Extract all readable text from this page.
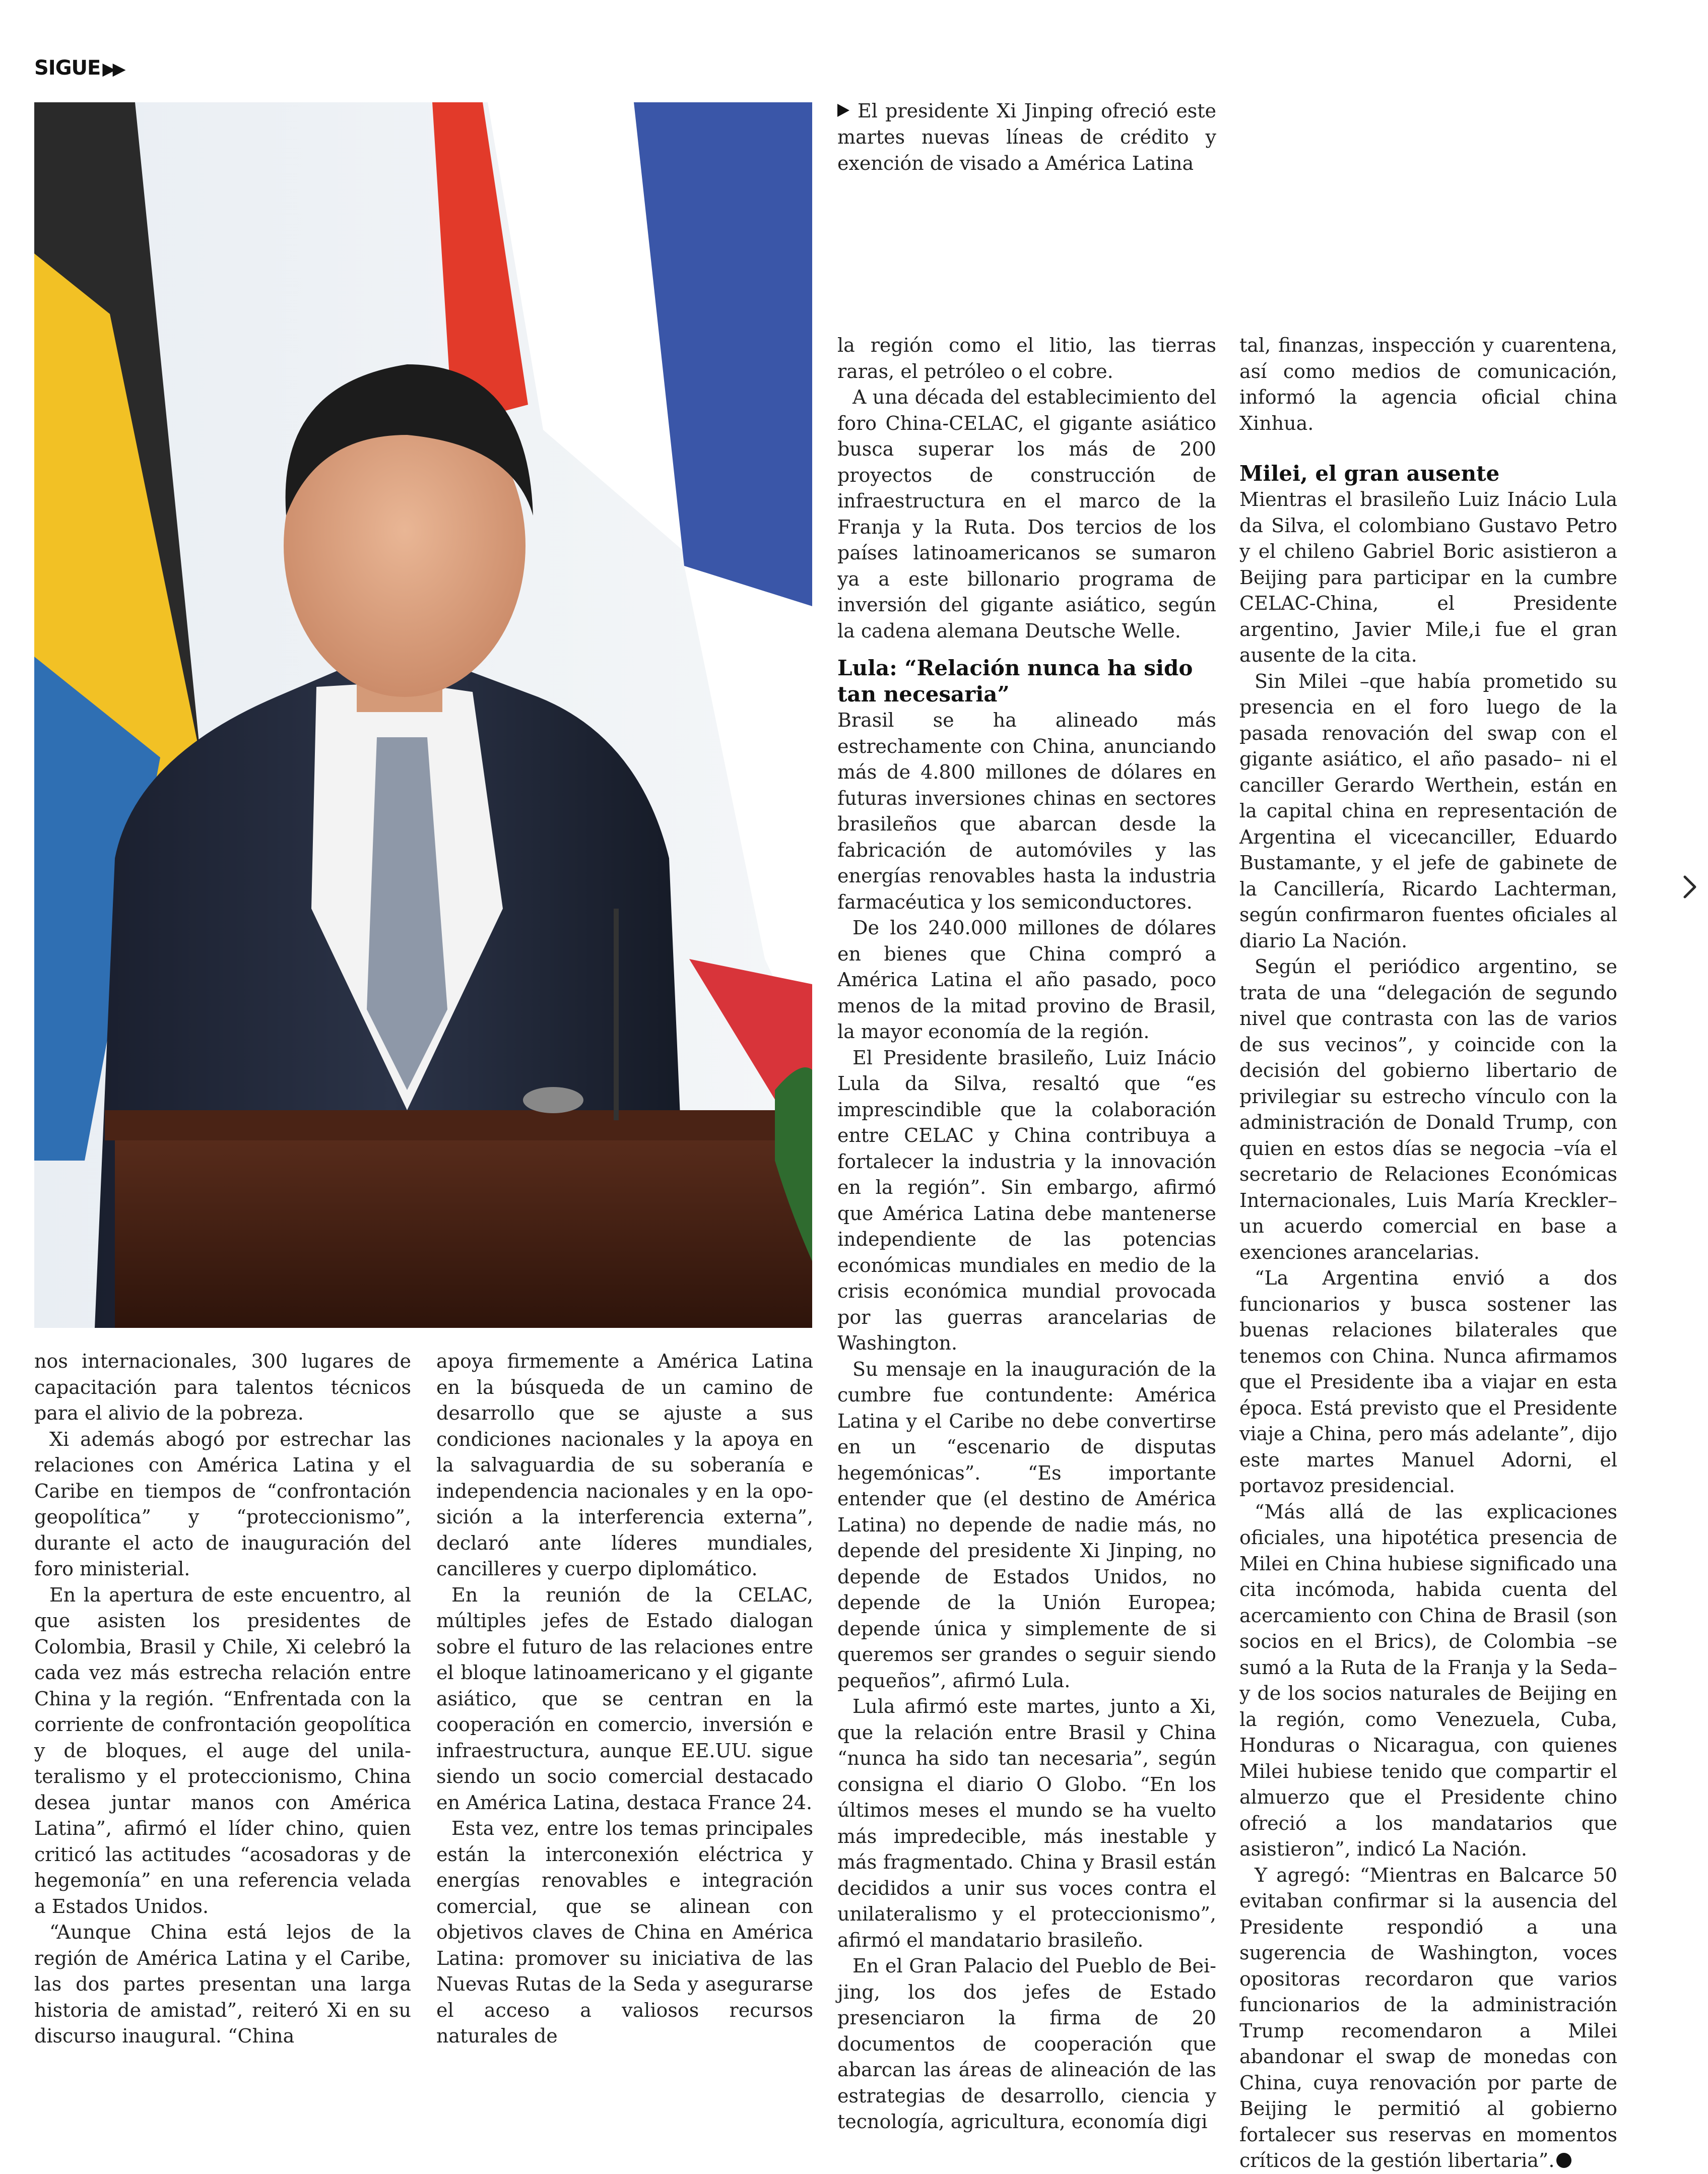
SIGUE ▶▶
El presidente Xi Jinping ofreció este martes nuevas líneas de crédito y exención de visado a América Latina

nos internacionales, 300 lugares de capacitación para talentos técnicos para el alivio de la pobreza.

Xi además abogó por estrechar las relaciones con América Latina y el Caribe en tiempos de “confrontación geopolítica” y “proteccionismo”, durante el acto de inauguración del foro ministerial.

En la apertura de este encuentro, al que asisten los presidentes de Colombia, Brasil y Chile, Xi celebró la cada vez más estrecha relación entre China y la región. “Enfrentada con la corriente de confrontación geopolítica y de bloques, el auge del unilateralismo y el proteccionismo, China desea juntar manos con América Latina”, afirmó el líder chino, quien criticó las actitudes “acosadoras y de hegemonía” en una referencia velada a Estados Unidos.

“Aunque China está lejos de la región de América Latina y el Caribe, las dos partes presentan una larga historia de amistad”, reiteró Xi en su discurso inaugural. “China

apoya firmemente a América Latina en la búsqueda de un camino de desarrollo que se ajuste a sus condiciones nacionales y la apoya en la salvaguardia de su soberanía e independencia nacionales y en la oposición a la interferencia externa”, declaró ante líderes mundiales, cancilleres y cuerpo diplomático.

En la reunión de la CELAC, múltiples jefes de Estado dialogan sobre el futuro de las relaciones entre el bloque latinoamericano y el gigante asiático, que se centran en la cooperación en comercio, inversión e infraestructura, aunque EE.UU. sigue siendo un socio comercial destacado en América Latina, destaca France 24.

Esta vez, entre los temas principales están la interconexión eléctrica y energías renovables e integración comercial, que se alinean con objetivos claves de China en América Latina: promover su iniciativa de las Nuevas Rutas de la Seda y asegurarse el acceso a valiosos recursos naturales de

la región como el litio, las tierras raras, el petróleo o el cobre.

A una década del establecimiento del foro China-CELAC, el gigante asiático busca superar los más de 200 proyectos de construcción de infraestructura en el marco de la Franja y la Ruta. Dos tercios de los países latinoamericanos se sumaron ya a este billonario programa de inversión del gigante asiático, según la cadena alemana Deutsche Welle.

Lula: “Relación nunca ha sido tan necesaria”

Brasil se ha alineado más estrechamente con China, anunciando más de 4.800 millones de dólares en futuras inversiones chinas en sectores brasileños que abarcan desde la fabricación de automóviles y las energías renovables hasta la industria farmacéutica y los semiconductores.

De los 240.000 millones de dólares en bienes que China compró a América Latina el año pasado, poco menos de la mitad provino de Brasil, la mayor economía de la región.

El Presidente brasileño, Luiz Inácio Lula da Silva, resaltó que “es imprescindible que la colaboración entre CELAC y China contribuya a fortalecer la industria y la innovación en la región”. Sin embargo, afirmó que América Latina debe mantenerse independiente de las potencias económicas mundiales en medio de la crisis económica mundial provocada por las guerras arancelarias de Washington.

Su mensaje en la inauguración de la cumbre fue contundente: América Latina y el Caribe no debe convertirse en un “escenario de disputas hegemónicas”. “Es importante entender que (el destino de América Latina) no depende de nadie más, no depende del presidente Xi Jinping, no depende de Estados Unidos, no depende de la Unión Europea; depende única y simplemente de si queremos ser grandes o seguir siendo pequeños”, afirmó Lula.

Lula afirmó este martes, junto a Xi, que la relación entre Brasil y China “nunca ha sido tan necesaria”, según consigna el diario O Globo. “En los últimos meses el mundo se ha vuelto más impredecible, más inestable y más fragmentado. China y Brasil están decididos a unir sus voces contra el unilateralismo y el proteccionismo”, afirmó el mandatario brasileño.

En el Gran Palacio del Pueblo de Beijing, los dos jefes de Estado presenciaron la firma de 20 documentos de cooperación que abarcan las áreas de alineación de las estrategias de desarrollo, ciencia y tecnología, agricultura, economía digi

tal, finanzas, inspección y cuarentena, así como medios de comunicación, informó la agencia oficial china Xinhua.

Milei, el gran ausente

Mientras el brasileño Luiz Inácio Lula da Silva, el colombiano Gustavo Petro y el chileno Gabriel Boric asistieron a Beijing para participar en la cumbre CELAC-China, el Presidente argentino, Javier Mile,i fue el gran ausente de la cita.

Sin Milei –que había prometido su presencia en el foro luego de la pasada renovación del swap con el gigante asiático, el año pasado– ni el canciller Gerardo Werthein, están en la capital china en representación de Argentina el vicecanciller, Eduardo Bustamante, y el jefe de gabinete de la Cancillería, Ricardo Lachterman, según confirmaron fuentes oficiales al diario La Nación.

Según el periódico argentino, se trata de una “delegación de segundo nivel que contrasta con las de varios de sus vecinos”, y coincide con la decisión del gobierno libertario de privilegiar su estrecho vínculo con la administración de Donald Trump, con quien en estos días se negocia –vía el secretario de Relaciones Económicas Internacionales, Luis María Kreckler– un acuerdo comercial en base a exenciones arancelarias.

“La Argentina envió a dos funcionarios y busca sostener las buenas relaciones bilaterales que tenemos con China. Nunca afirmamos que el Presidente iba a viajar en esta época. Está previsto que el Presidente viaje a China, pero más adelante”, dijo este martes Manuel Adorni, el portavoz presidencial.

“Más allá de las explicaciones oficiales, una hipotética presencia de Milei en China hubiese significado una cita incómoda, habida cuenta del acercamiento con China de Brasil (son socios en el Brics), de Colombia –se sumó a la Ruta de la Franja y la Seda– y de los socios naturales de Beijing en la región, como Venezuela, Cuba, Honduras o Nicaragua, con quienes Milei hubiese tenido que compartir el almuerzo que el Presidente chino ofreció a los mandatarios que asistieron”, indicó La Nación.

Y agregó: “Mientras en Balcarce 50 evitaban confirmar si la ausencia del Presidente respondió a una sugerencia de Washington, voces opositoras recordaron que varios funcionarios de la administración Trump recomendaron a Milei abandonar el swap de monedas con China, cuya renovación por parte de Beijing le permitió al gobierno fortalecer sus reservas en momentos críticos de la gestión libertaria”.
